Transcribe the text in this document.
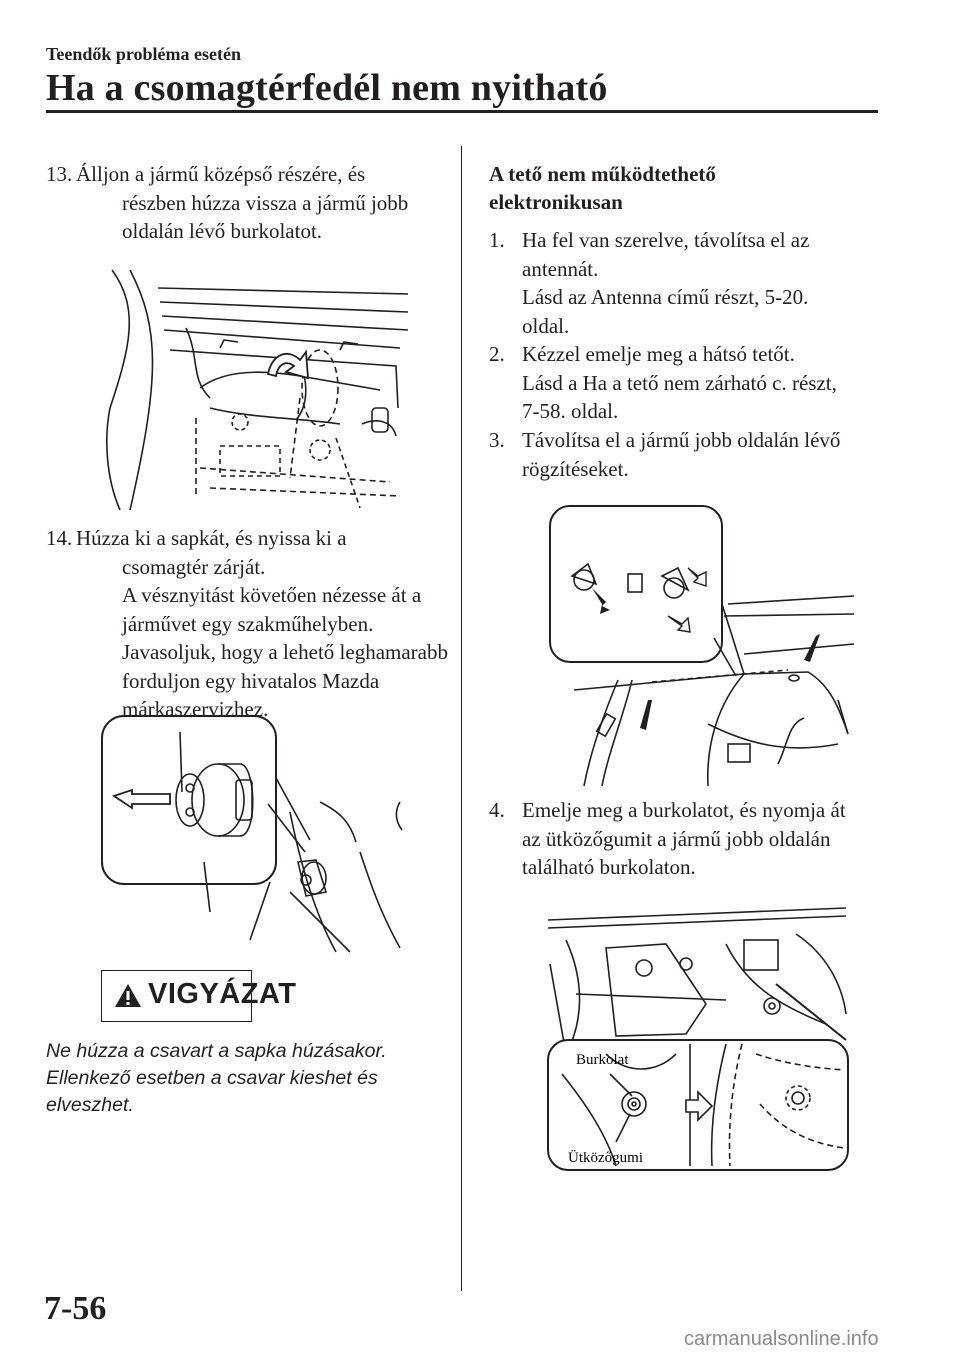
Teendők probléma esetén
Ha a csomagtérfedél nem nyitható
13. Álljon a jármű középső részére, és
részben húzza vissza a jármű jobb
oldalán lévő burkolatot.
14. Húzza ki a sapkát, és nyissa ki a
csomagtér zárját.
A vésznyitást követően nézesse át a
járművet egy szakműhelyben.
Javasoljuk, hogy a lehető leghamarabb
forduljon egy hivatalos Mazda
márkaszervizhez.
VIGYÁZAT
Ne húzza a csavart a sapka húzásakor.
Ellenkező esetben a csavar kieshet és
elveszhet.
A tető nem működtethető
elektronikusan
1. Ha fel van szerelve, távolítsa el az
antennát.
Lásd az Antenna című részt, 5-20.
oldal.
2. Kézzel emelje meg a hátsó tetőt.
Lásd a Ha a tető nem zárható c. részt,
7-58. oldal.
3. Távolítsa el a jármű jobb oldalán lévő
rögzítéseket.
4. Emelje meg a burkolatot, és nyomja át
az ütközőgumit a jármű jobb oldalán
található burkolaton.
Burkolat
Ütközőgumi
7-56
carmanualsonline.info
